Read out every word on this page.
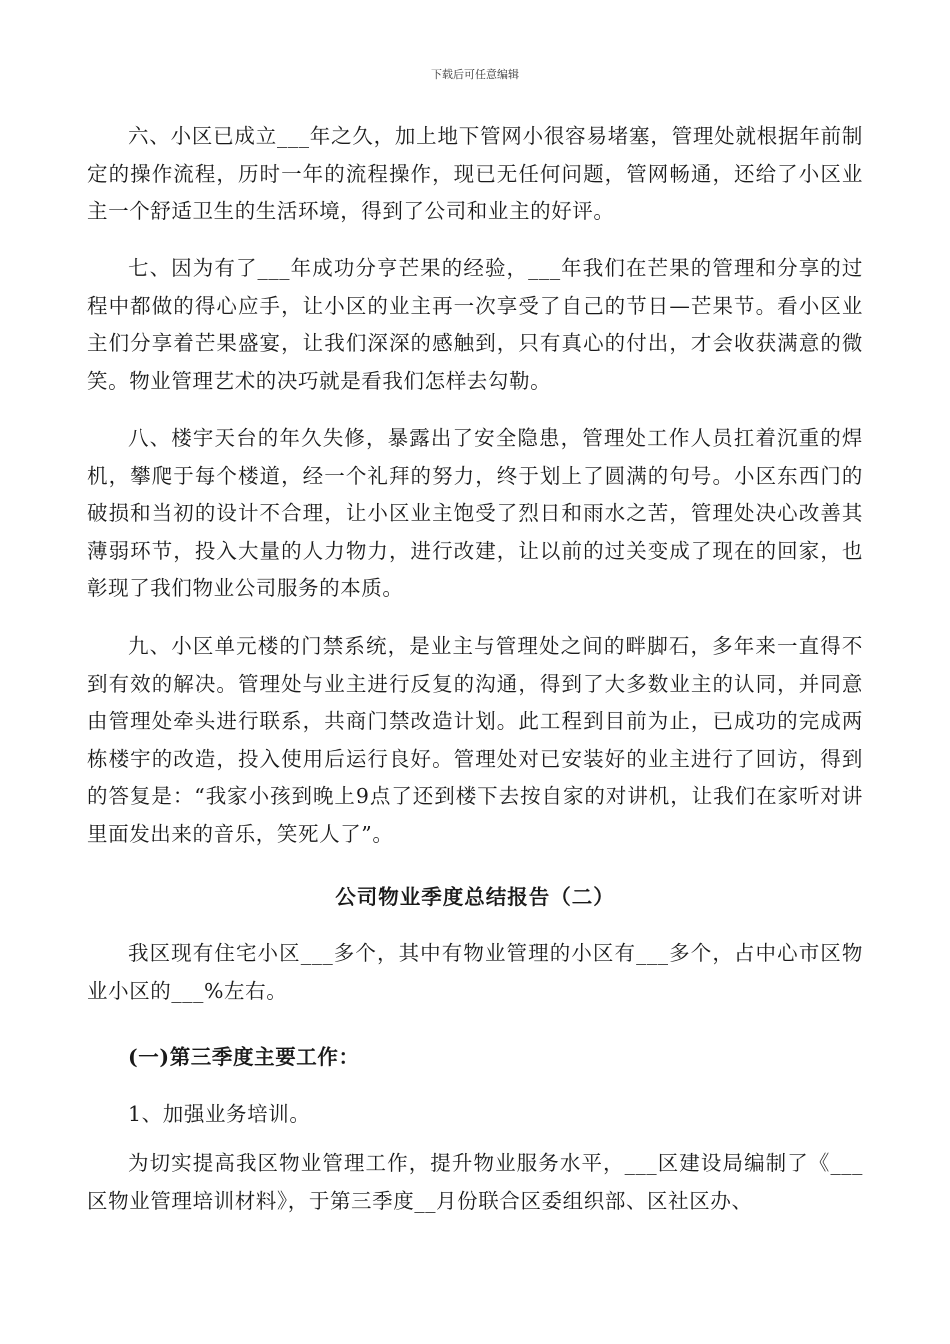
下载后可任意编辑
六、小区已成立___年之久，加上地下管网小很容易堵塞，管理处就根据年前制定的操作流程，历时一年的流程操作，现已无任何问题，管网畅通，还给了小区业主一个舒适卫生的生活环境，得到了公司和业主的好评。
七、因为有了___年成功分亨芒果的经验，___年我们在芒果的管理和分享的过程中都做的得心应手，让小区的业主再一次享受了自己的节日—芒果节。看小区业主们分享着芒果盛宴，让我们深深的感触到，只有真心的付出，才会收获满意的微笑。物业管理艺术的决巧就是看我们怎样去勾勒。
八、楼宇天台的年久失修，暴露出了安全隐患，管理处工作人员扛着沉重的焊机，攀爬于每个楼道，经一个礼拜的努力，终于划上了圆满的句号。小区东西门的破损和当初的设计不合理，让小区业主饱受了烈日和雨水之苦，管理处决心改善其薄弱环节，投入大量的人力物力，进行改建，让以前的过关变成了现在的回家，也彰现了我们物业公司服务的本质。
九、小区单元楼的门禁系统，是业主与管理处之间的畔脚石，多年来一直得不到有效的解决。管理处与业主进行反复的沟通，得到了大多数业主的认同，并同意由管理处牵头进行联系，共商门禁改造计划。此工程到目前为止，已成功的完成两栋楼宇的改造，投入使用后运行良好。管理处对已安装好的业主进行了回访，得到的答复是：“我家小孩到晚上9点了还到楼下去按自家的对讲机，让我们在家听对讲里面发出来的音乐，笑死人了”。
公司物业季度总结报告（二）
我区现有住宅小区___多个，其中有物业管理的小区有___多个，占中心市区物业小区的___%左右。
(一)第三季度主要工作：
1、加强业务培训。
为切实提高我区物业管理工作，提升物业服务水平，___区建设局编制了《___区物业管理培训材料》，于第三季度__月份联合区委组织部、区社区办、
